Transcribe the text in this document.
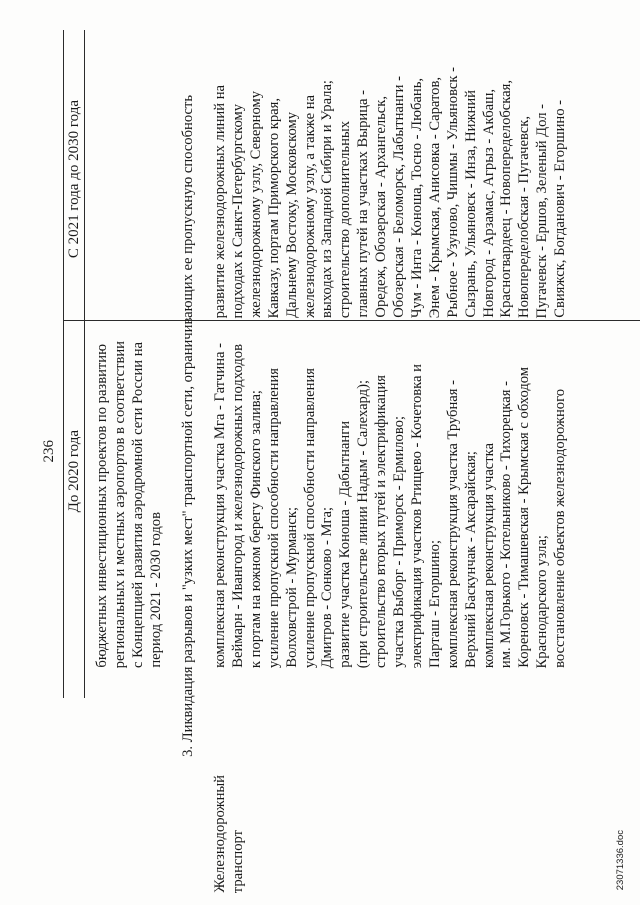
236 До 2020 года
С 2021 года до 2030 года
бюджетных инвестиционных проектов по развитию региональных и местных аэропортов в соответствии с Концепцией развития аэродромной сети России на период 2021 - 2030 годов 3. Ликвидация разрывов и "узких мест" транспортной сети, ограничивающих ее пропускную способность
Железнодорожный транспорт
комплексная реконструкция участка Мга - Гатчина - Веймарн - Ивангород и железнодорожных подходов к портам на южном берегу Финского залива; усиление пропускной способности направления Волховстрой - Мурманск; усиление пропускной способности направления Дмитров - Сонково - Мга; развитие участка Коноша - Дабытнанги (при строительстве линии Надым - Салехард); строительство вторых путей и электрификация участка Выборг - Приморск - Ермилово; электрификация участков Ртищево - Кочетовка и Парташ - Егоршино; комплексная реконструкция участка Трубная - Верхний Баскунчак - Аксарайская; комплексная реконструкция участка им. М.Горького - Котельниково - Тихорецкая - Кореновск - Тимашевская - Крымская с обходом Краснодарского узла; восстановление объектов железнодорожного
развитие железнодорожных линий на подходах к Санкт-Петербургскому железнодорожному узлу, Северному Кавказу, портам Приморского края, Дальнему Востоку, Московскому железнодорожному узлу, а также на выходах из Западной Сибири и Урала; строительство дополнительных главных путей на участках Вырица - Оредеж, Обозерская - Архангельск, Обозерская - Беломорск, Лабытнанги - Чум - Инта - Коноша, Тосно - Любань, Энем - Крымская, Анисовка - Саратов, Рыбное - Узуново, Чишмы - Ульяновск - Сызрань, Ульяновск - Инза, Нижний Новгород - Арзамас, Агрыз - Акбаш, Красногвардеец - Новопеределобская, Новопеределобская - Пугачевск, Пугачевск - Ершов, Зеленый Дол - Свияжск, Богданович - Егоршино -
23071336.doc
